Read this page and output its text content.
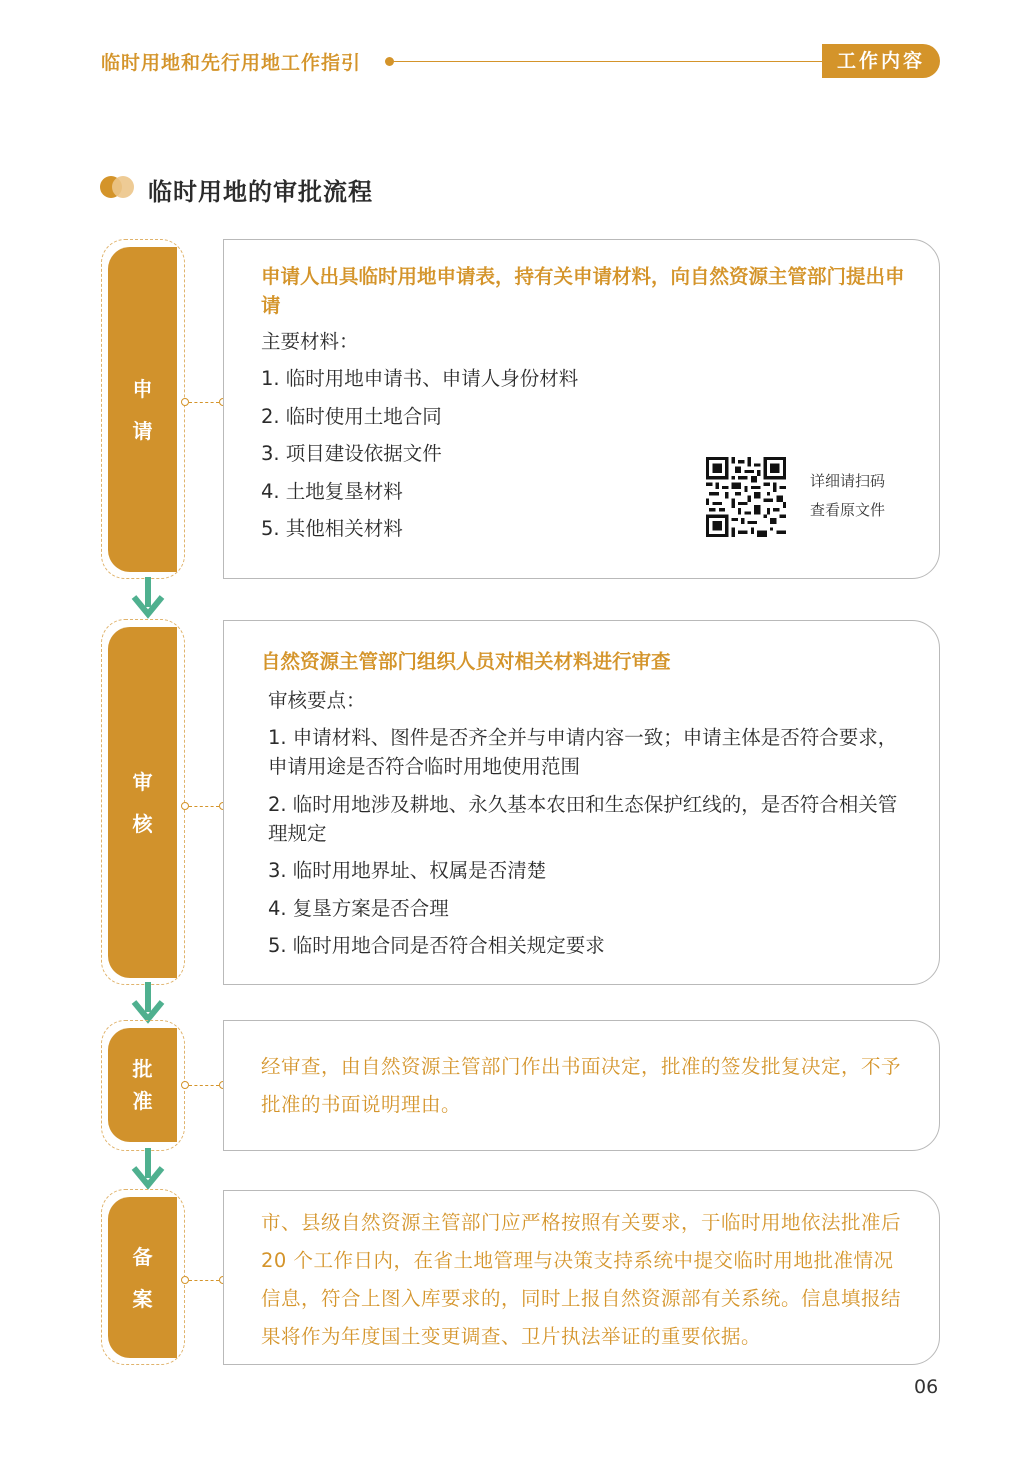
临时用地和先行用地工作指引	工作内容
临时用地的审批流程
申
请
申请人出具临时用地申请表，持有关申请材料，向自然资源主管部门提出申请
主要材料：
1. 临时用地申请书、申请人身份材料
2. 临时使用土地合同
3. 项目建设依据文件
4. 土地复垦材料
5. 其他相关材料
详细请扫码
查看原文件
审
核
自然资源主管部门组织人员对相关材料进行审查
审核要点：
1. 申请材料、图件是否齐全并与申请内容一致；申请主体是否符合要求，申请用途是否符合临时用地使用范围
2. 临时用地涉及耕地、永久基本农田和生态保护红线的，是否符合相关管理规定
3. 临时用地界址、权属是否清楚
4. 复垦方案是否合理
5. 临时用地合同是否符合相关规定要求
批
准
经审查，由自然资源主管部门作出书面决定，批准的签发批复决定，不予批准的书面说明理由。
备
案
市、县级自然资源主管部门应严格按照有关要求，于临时用地依法批准后 20 个工作日内，在省土地管理与决策支持系统中提交临时用地批准情况信息，符合上图入库要求的，同时上报自然资源部有关系统。信息填报结果将作为年度国土变更调查、卫片执法举证的重要依据。
06
